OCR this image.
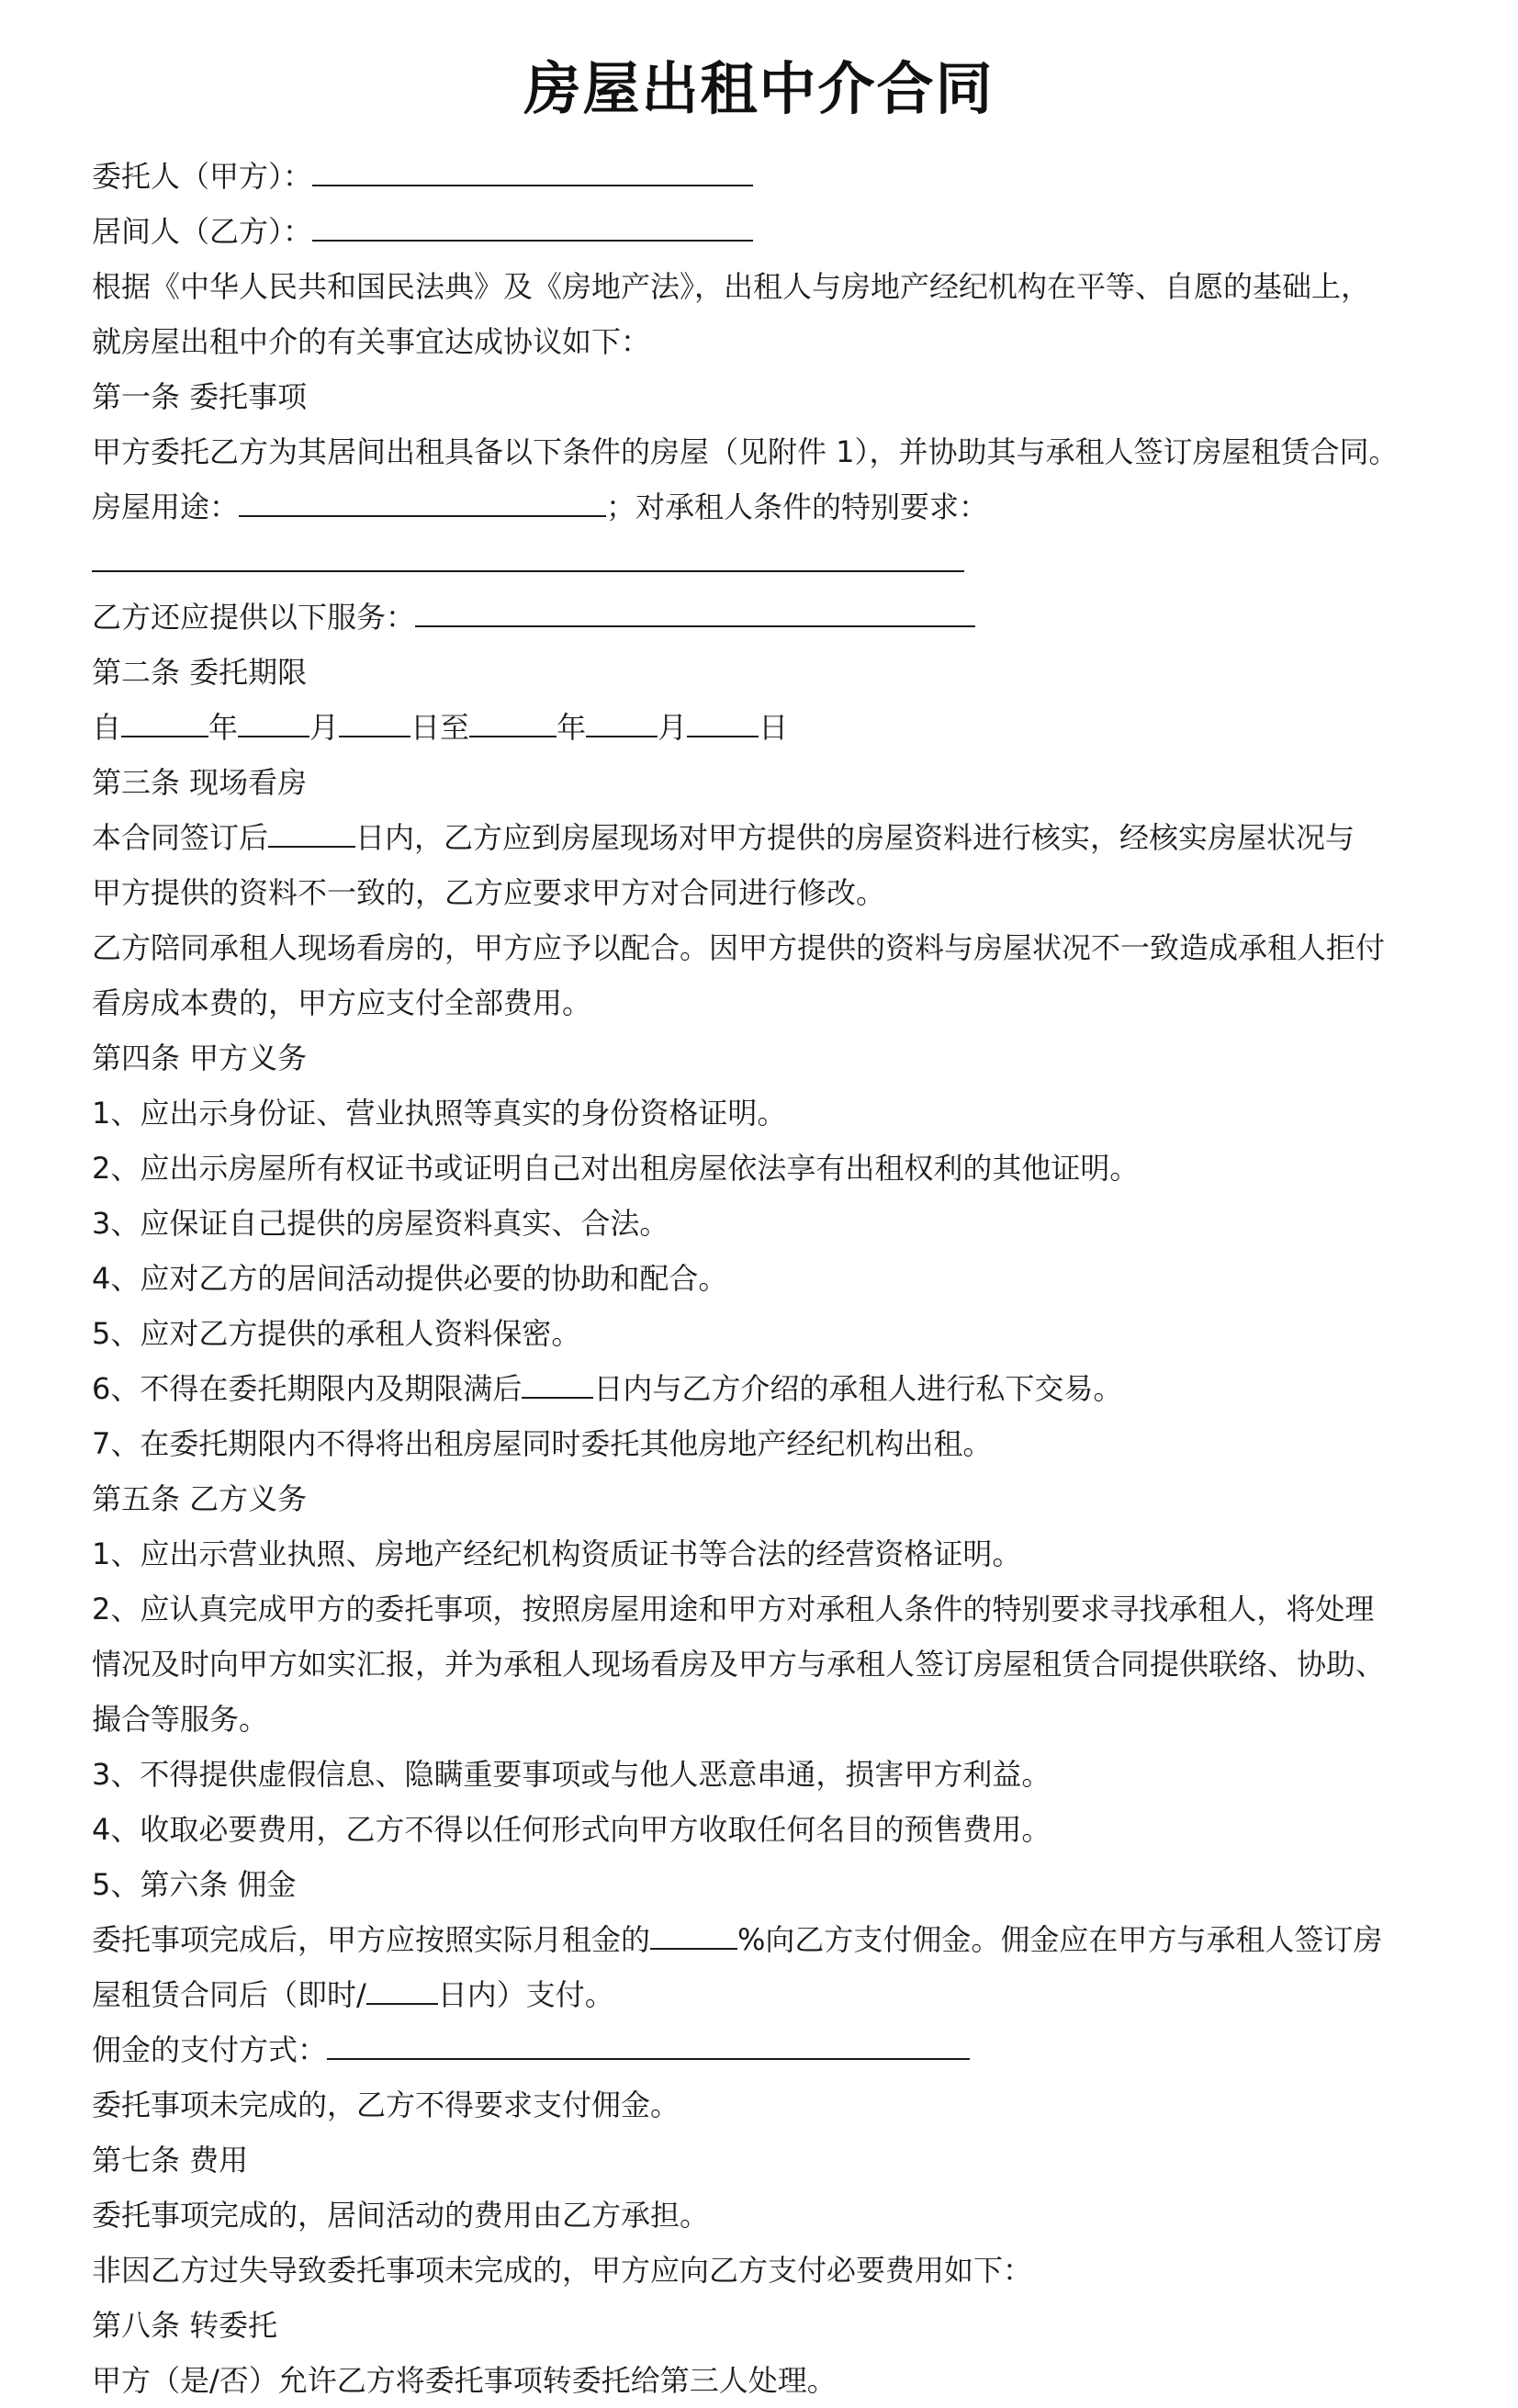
房屋出租中介合同
委托人（甲方）：
居间人（乙方）：
根据《中华人民共和国民法典》及《房地产法》，出租人与房地产经纪机构在平等、自愿的基础上，
就房屋出租中介的有关事宜达成协议如下：
第一条 委托事项
甲方委托乙方为其居间出租具备以下条件的房屋（见附件 1），并协助其与承租人签订房屋租赁合同。
房屋用途：	；对承租人条件的特别要求：
乙方还应提供以下服务：
第二条 委托期限
自	年 月 日至	年 月 日
第三条 现场看房
本合同签订后	日内，乙方应到房屋现场对甲方提供的房屋资料进行核实，经核实房屋状况与
甲方提供的资料不一致的，乙方应要求甲方对合同进行修改。
乙方陪同承租人现场看房的，甲方应予以配合。因甲方提供的资料与房屋状况不一致造成承租人拒付
看房成本费的，甲方应支付全部费用。
第四条 甲方义务
1、应出示身份证、营业执照等真实的身份资格证明。
2、应出示房屋所有权证书或证明自己对出租房屋依法享有出租权利的其他证明。
3、应保证自己提供的房屋资料真实、合法。
4、应对乙方的居间活动提供必要的协助和配合。
5、应对乙方提供的承租人资料保密。
6、不得在委托期限内及期限满后 日内与乙方介绍的承租人进行私下交易。
7、在委托期限内不得将出租房屋同时委托其他房地产经纪机构出租。
第五条 乙方义务
1、应出示营业执照、房地产经纪机构资质证书等合法的经营资格证明。
2、应认真完成甲方的委托事项，按照房屋用途和甲方对承租人条件的特别要求寻找承租人，将处理
情况及时向甲方如实汇报，并为承租人现场看房及甲方与承租人签订房屋租赁合同提供联络、协助、
撮合等服务。
3、不得提供虚假信息、隐瞒重要事项或与他人恶意串通，损害甲方利益。
4、收取必要费用，乙方不得以任何形式向甲方收取任何名目的预售费用。
5、第六条 佣金
委托事项完成后，甲方应按照实际月租金的	%向乙方支付佣金。佣金应在甲方与承租人签订房
屋租赁合同后（即时/ 日内）支付。
佣金的支付方式：
委托事项未完成的，乙方不得要求支付佣金。
第七条 费用
委托事项完成的，居间活动的费用由乙方承担。
非因乙方过失导致委托事项未完成的，甲方应向乙方支付必要费用如下：
第八条 转委托
甲方（是/否）允许乙方将委托事项转委托给第三人处理。
